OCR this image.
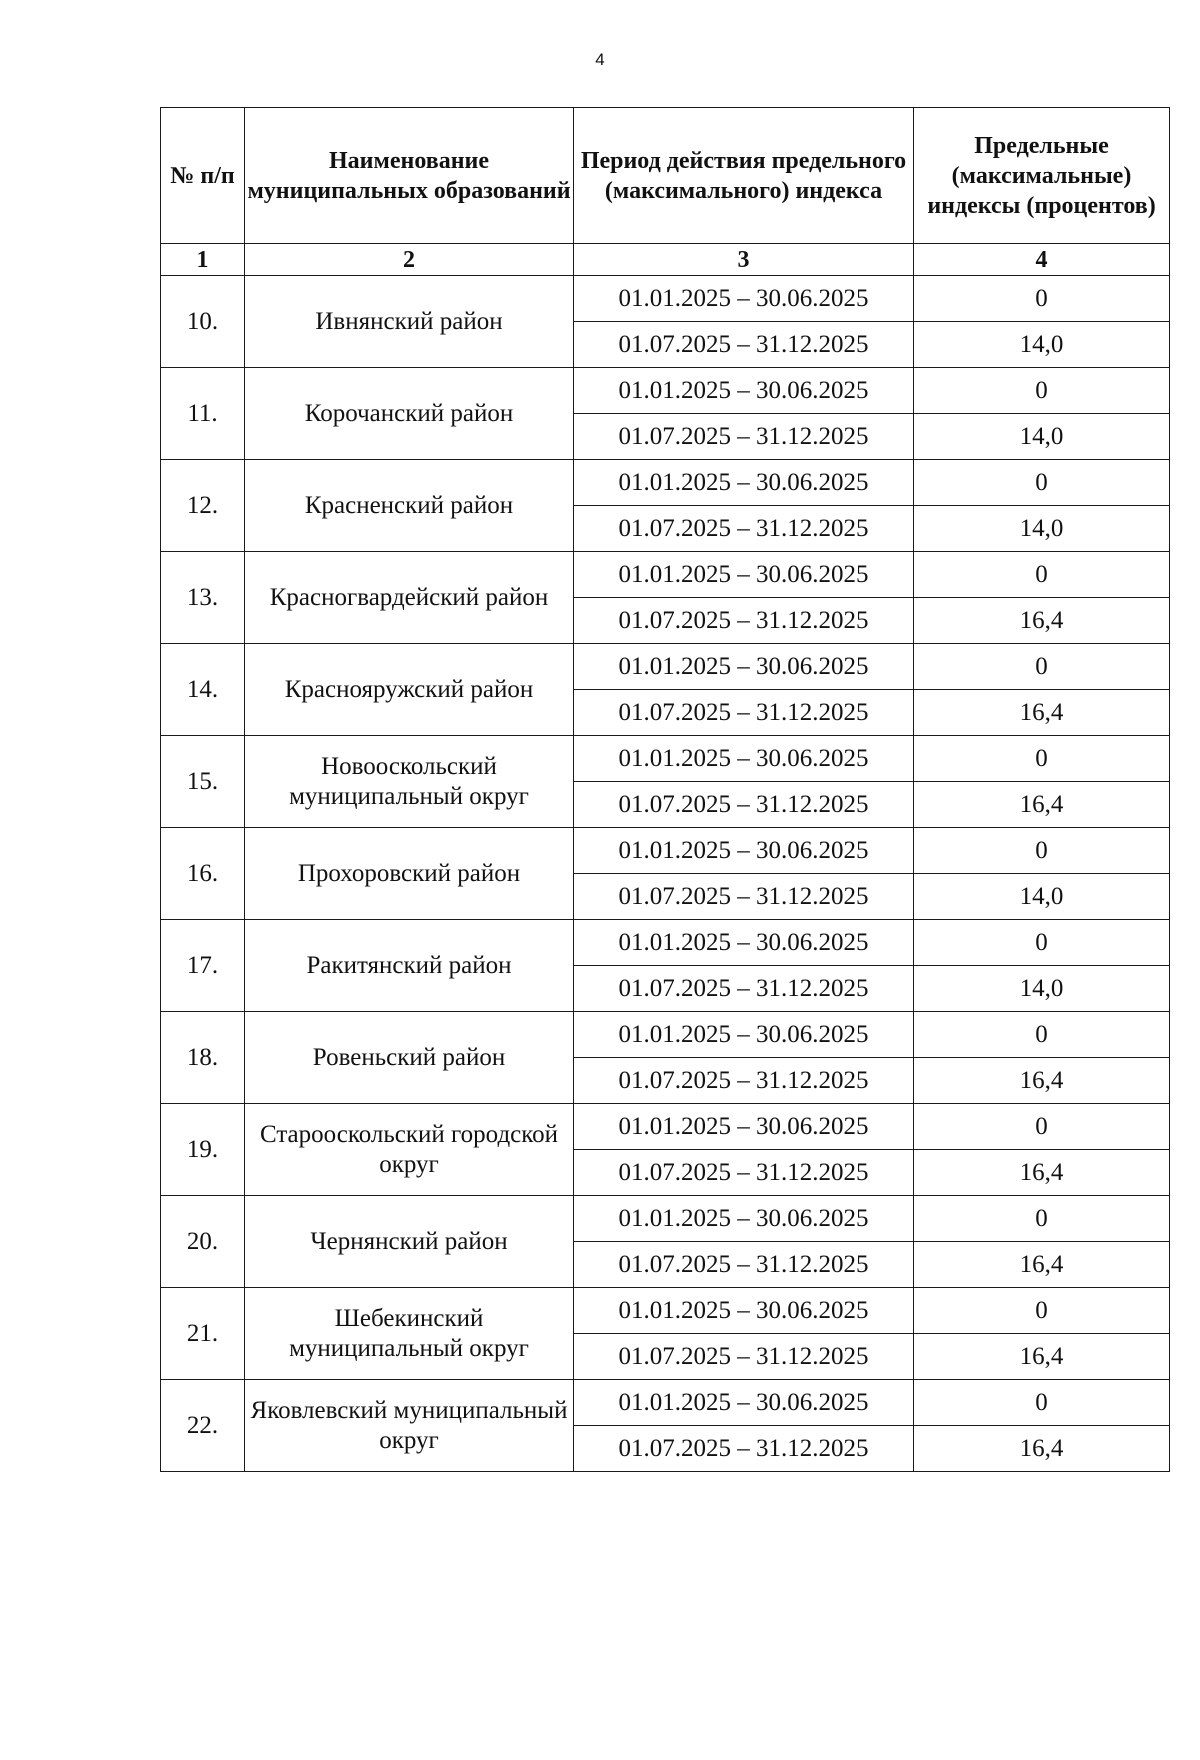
4
№ п/п	Наименование муниципальных образований	Период действия предельного (максимального) индекса	Предельные (максимальные) индексы (процентов)
1	2	3	4
10.	Ивнянский район	01.01.2025 – 30.06.2025	0
		01.07.2025 – 31.12.2025	14,0
11.	Корочанский район	01.01.2025 – 30.06.2025	0
		01.07.2025 – 31.12.2025	14,0
12.	Красненский район	01.01.2025 – 30.06.2025	0
		01.07.2025 – 31.12.2025	14,0
13.	Красногвардейский район	01.01.2025 – 30.06.2025	0
		01.07.2025 – 31.12.2025	16,4
14.	Краснояружский район	01.01.2025 – 30.06.2025	0
		01.07.2025 – 31.12.2025	16,4
15.	Новооскольский муниципальный округ	01.01.2025 – 30.06.2025	0
		01.07.2025 – 31.12.2025	16,4
16.	Прохоровский район	01.01.2025 – 30.06.2025	0
		01.07.2025 – 31.12.2025	14,0
17.	Ракитянский район	01.01.2025 – 30.06.2025	0
		01.07.2025 – 31.12.2025	14,0
18.	Ровеньский район	01.01.2025 – 30.06.2025	0
		01.07.2025 – 31.12.2025	16,4
19.	Старооскольский городской округ	01.01.2025 – 30.06.2025	0
		01.07.2025 – 31.12.2025	16,4
20.	Чернянский район	01.01.2025 – 30.06.2025	0
		01.07.2025 – 31.12.2025	16,4
21.	Шебекинский муниципальный округ	01.01.2025 – 30.06.2025	0
		01.07.2025 – 31.12.2025	16,4
22.	Яковлевский муниципальный округ	01.01.2025 – 30.06.2025	0
		01.07.2025 – 31.12.2025	16,4
